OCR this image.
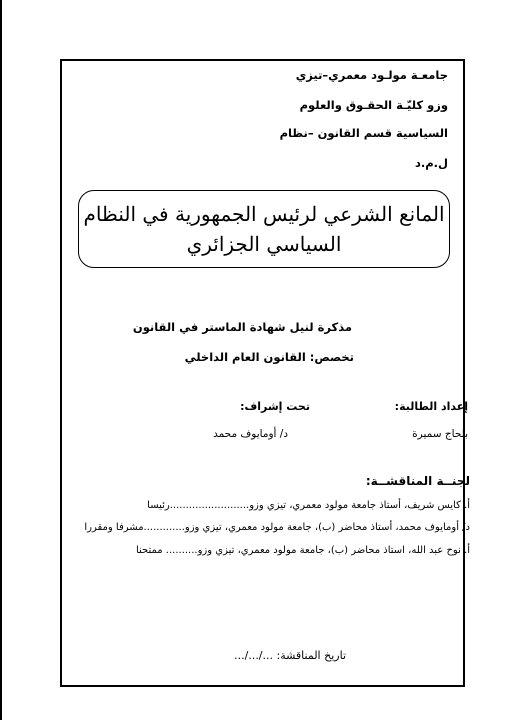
جامعـة مولـود معمري–تيزي
وزو كليّـة الحقـوق والعلوم
السياسية قسم القانون –نظام
ل.م.د
المانع الشرعي لرئيس الجمهورية في النظام
السياسي الجزائري
مذكرة لنيل شهادة الماستر في القانون
تخصص: القانون العام الداخلي
إعداد الطالبة:
تحت إشراف:
بلحاج سميرة
د/ أومايوف محمد
لجنــة المناقشــة:
أ. كايس شريف، أستاذ جامعة مولود معمري، تيزي وزو.........................رئيسا
د/ أومايوف محمد، أستاذ محاضر (ب)، جامعة مولود معمري، تيزي وزو.............مشرفا ومقررا
أ. نوح عبد الله، استاذ محاضر (ب)، جامعة مولود معمري، تيزي وزو.......... ممتحنا
تاريخ المناقشة: .../.../...
